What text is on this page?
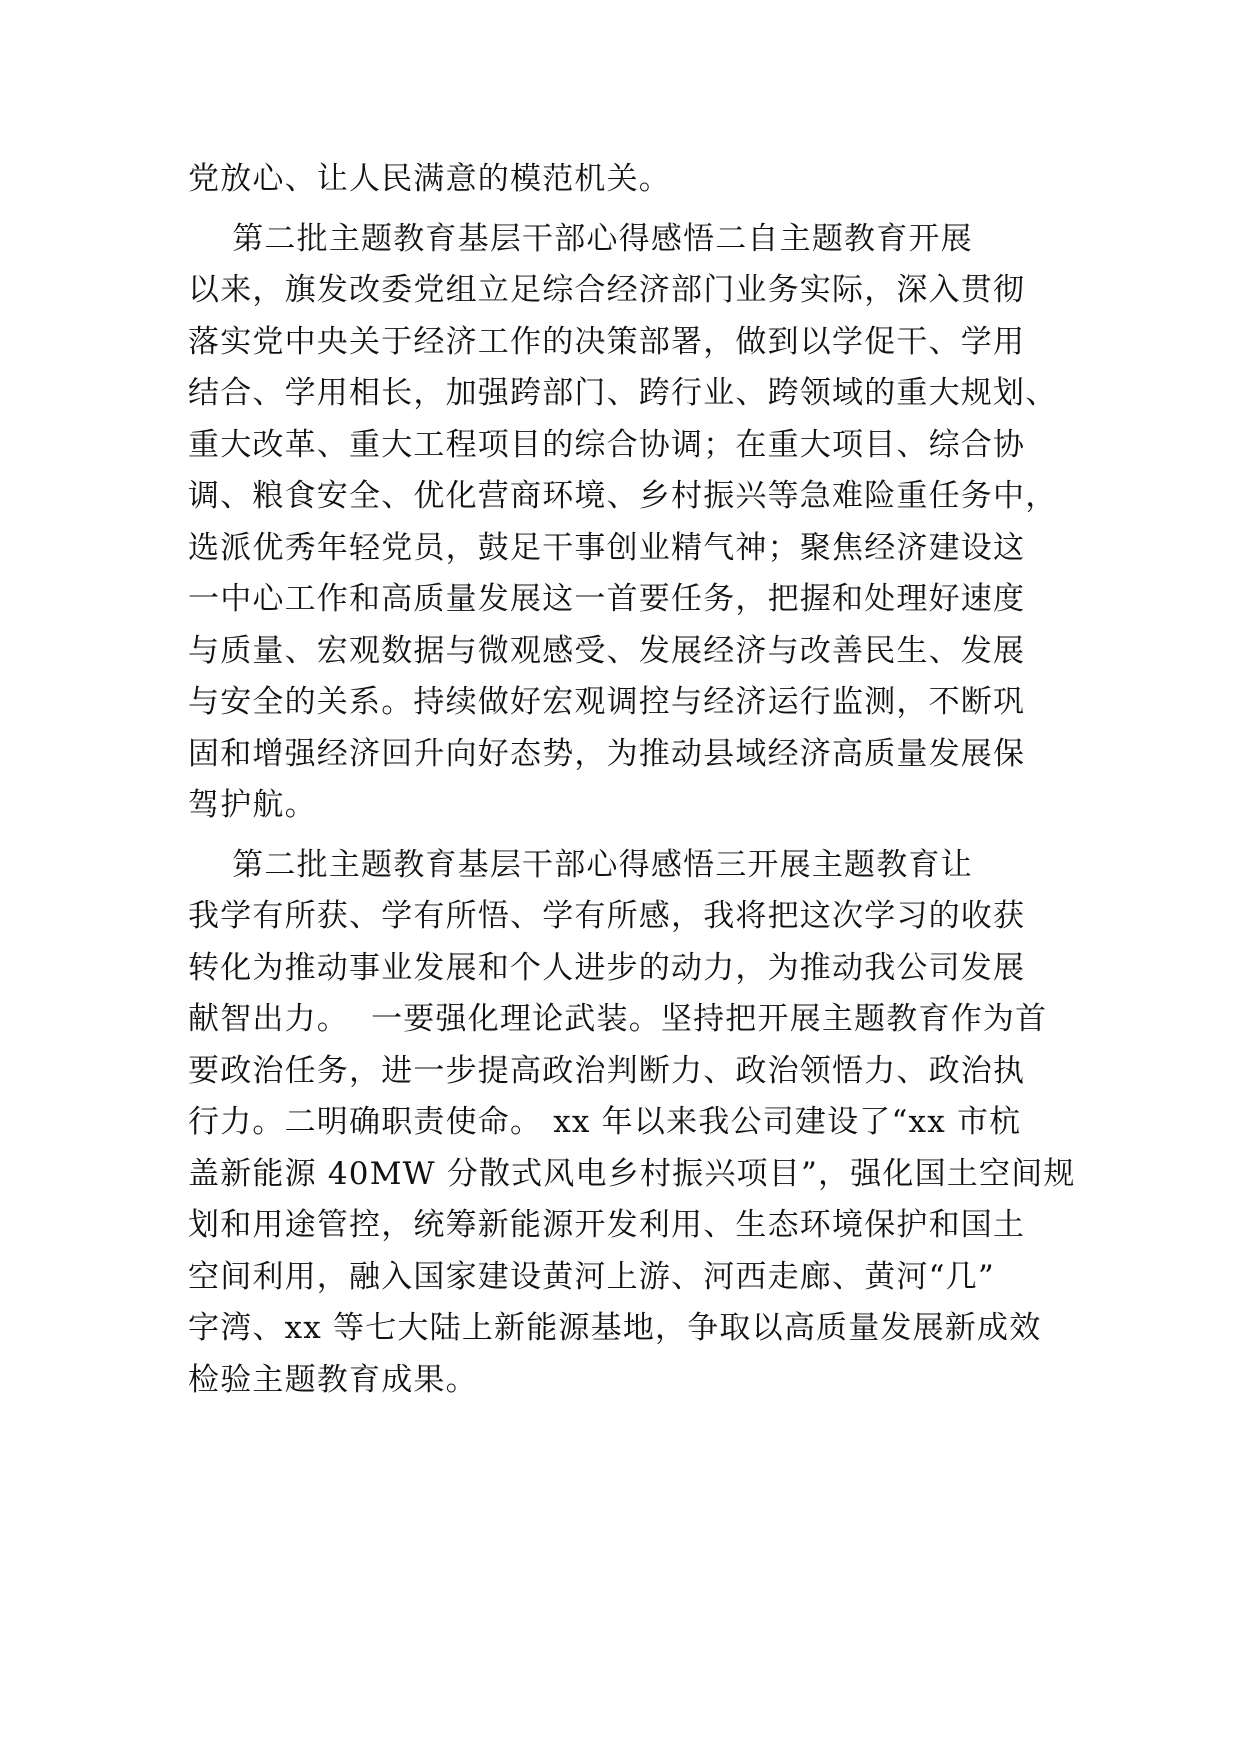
党放心、让人民满意的模范机关。
第二批主题教育基层干部心得感悟二自主题教育开展
以来，旗发改委党组立足综合经济部门业务实际，深入贯彻
落实党中央关于经济工作的决策部署，做到以学促干、学用
结合、学用相长，加强跨部门、跨行业、跨领域的重大规划、
重大改革、重大工程项目的综合协调；在重大项目、综合协
调、粮食安全、优化营商环境、乡村振兴等急难险重任务中，
选派优秀年轻党员，鼓足干事创业精气神；聚焦经济建设这
一中心工作和高质量发展这一首要任务，把握和处理好速度
与质量、宏观数据与微观感受、发展经济与改善民生、发展
与安全的关系。持续做好宏观调控与经济运行监测，不断巩
固和增强经济回升向好态势，为推动县域经济高质量发展保
驾护航。
第二批主题教育基层干部心得感悟三开展主题教育让
我学有所获、学有所悟、学有所感，我将把这次学习的收获
转化为推动事业发展和个人进步的动力，为推动我公司发展
献智出力。  一要强化理论武装。坚持把开展主题教育作为首
要政治任务，进一步提高政治判断力、政治领悟力、政治执
行力。二明确职责使命。 xx 年以来我公司建设了“xx 市杭
盖新能源 40MW 分散式风电乡村振兴项目”，强化国土空间规
划和用途管控，统筹新能源开发利用、生态环境保护和国土
空间利用，融入国家建设黄河上游、河西走廊、黄河“几”
字湾、xx 等七大陆上新能源基地，争取以高质量发展新成效
检验主题教育成果。
